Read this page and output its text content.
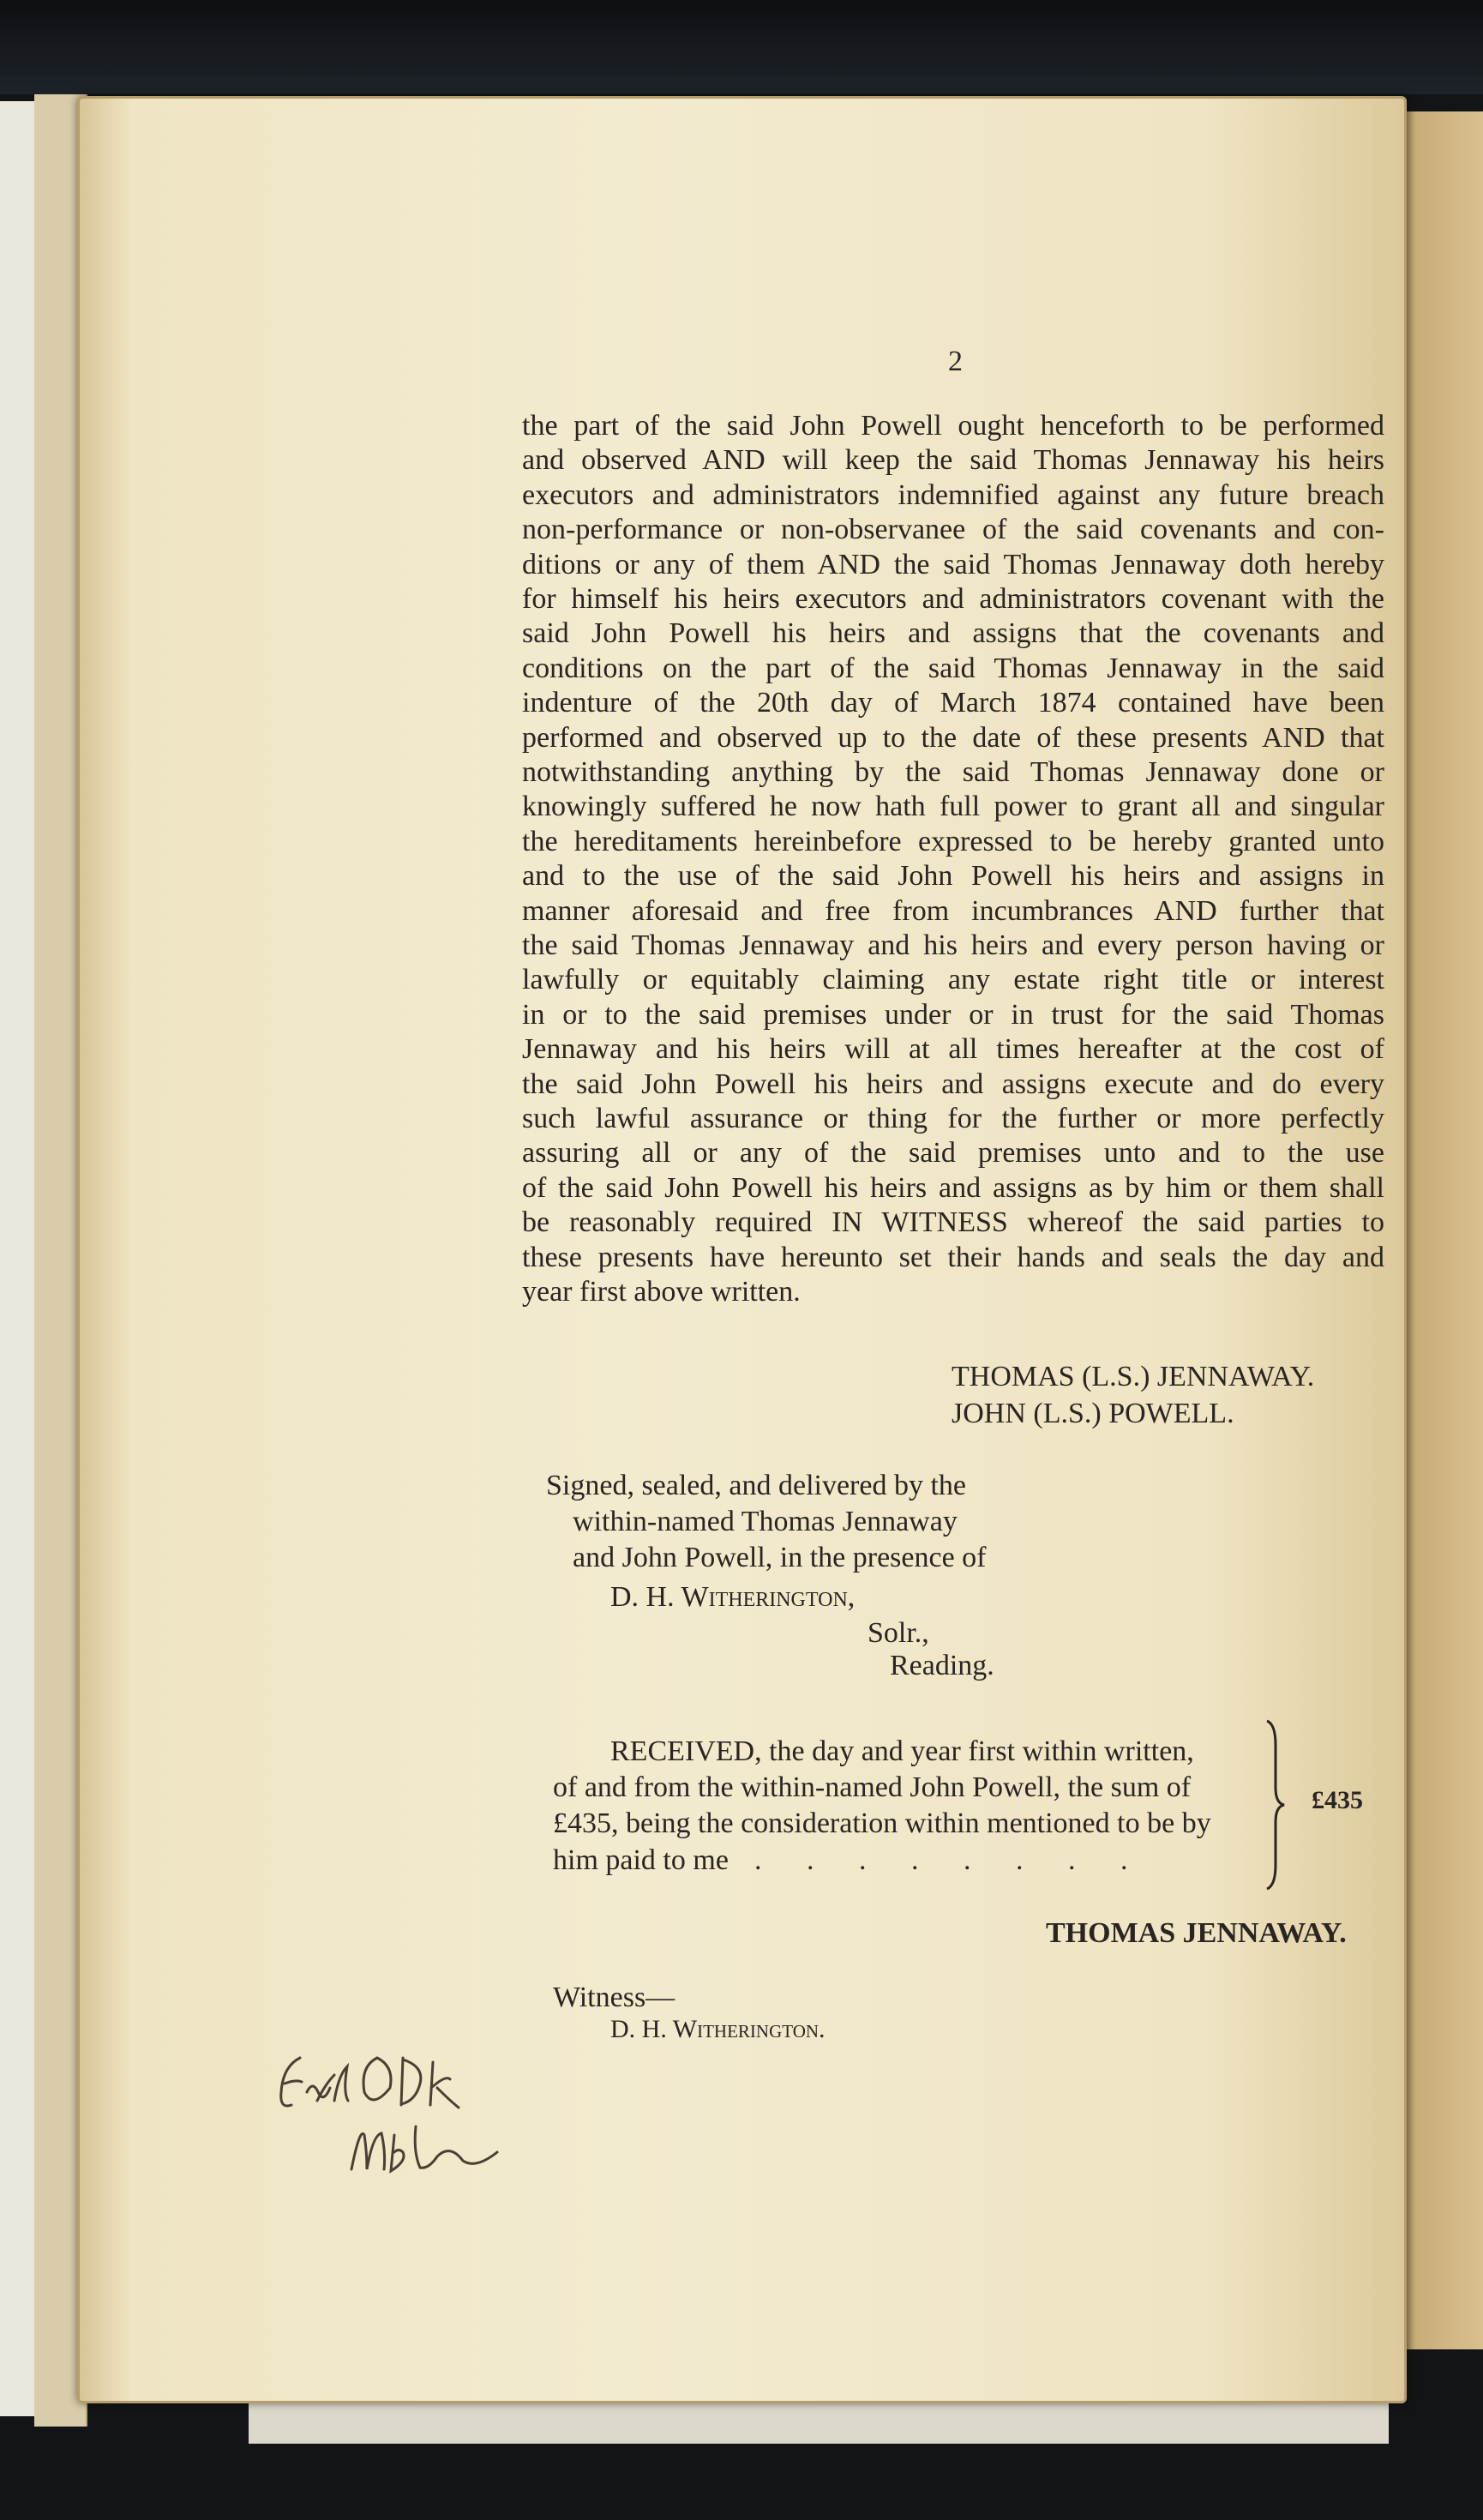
2
the part of the said John Powell ought henceforth to be performed
and observed AND will keep the said Thomas Jennaway his heirs
executors and administrators indemnified against any future breach
non-performance or non-observanee of the said covenants and con-
ditions or any of them AND the said Thomas Jennaway doth hereby
for himself his heirs executors and administrators covenant with the
said John Powell his heirs and assigns that the covenants and
conditions on the part of the said Thomas Jennaway in the said
indenture of the 20th day of March 1874 contained have been
performed and observed up to the date of these presents AND that
notwithstanding anything by the said Thomas Jennaway done or
knowingly suffered he now hath full power to grant all and singular
the hereditaments hereinbefore expressed to be hereby granted unto
and to the use of the said John Powell his heirs and assigns in
manner aforesaid and free from incumbrances AND further that
the said Thomas Jennaway and his heirs and every person having or
lawfully or equitably claiming any estate right title or interest
in or to the said premises under or in trust for the said Thomas
Jennaway and his heirs will at all times hereafter at the cost of
the said John Powell his heirs and assigns execute and do every
such lawful assurance or thing for the further or more perfectly
assuring all or any of the said premises unto and to the use
of the said John Powell his heirs and assigns as by him or them shall
be reasonably required IN WITNESS whereof the said parties to
these presents have hereunto set their hands and seals the day and
year first above written.
THOMAS (L.S.) JENNAWAY.
JOHN (L.S.) POWELL.
Signed, sealed, and delivered by the
within-named Thomas Jennaway
and John Powell, in the presence of
D. H. Witherington,
Solr.,
Reading.
RECEIVED, the day and year first within written,
of and from the within-named John Powell, the sum of
£435, being the consideration within mentioned to be by
him paid to me . . . . . . . .
£435
THOMAS JENNAWAY.
Witness—
D. H. Witherington.
